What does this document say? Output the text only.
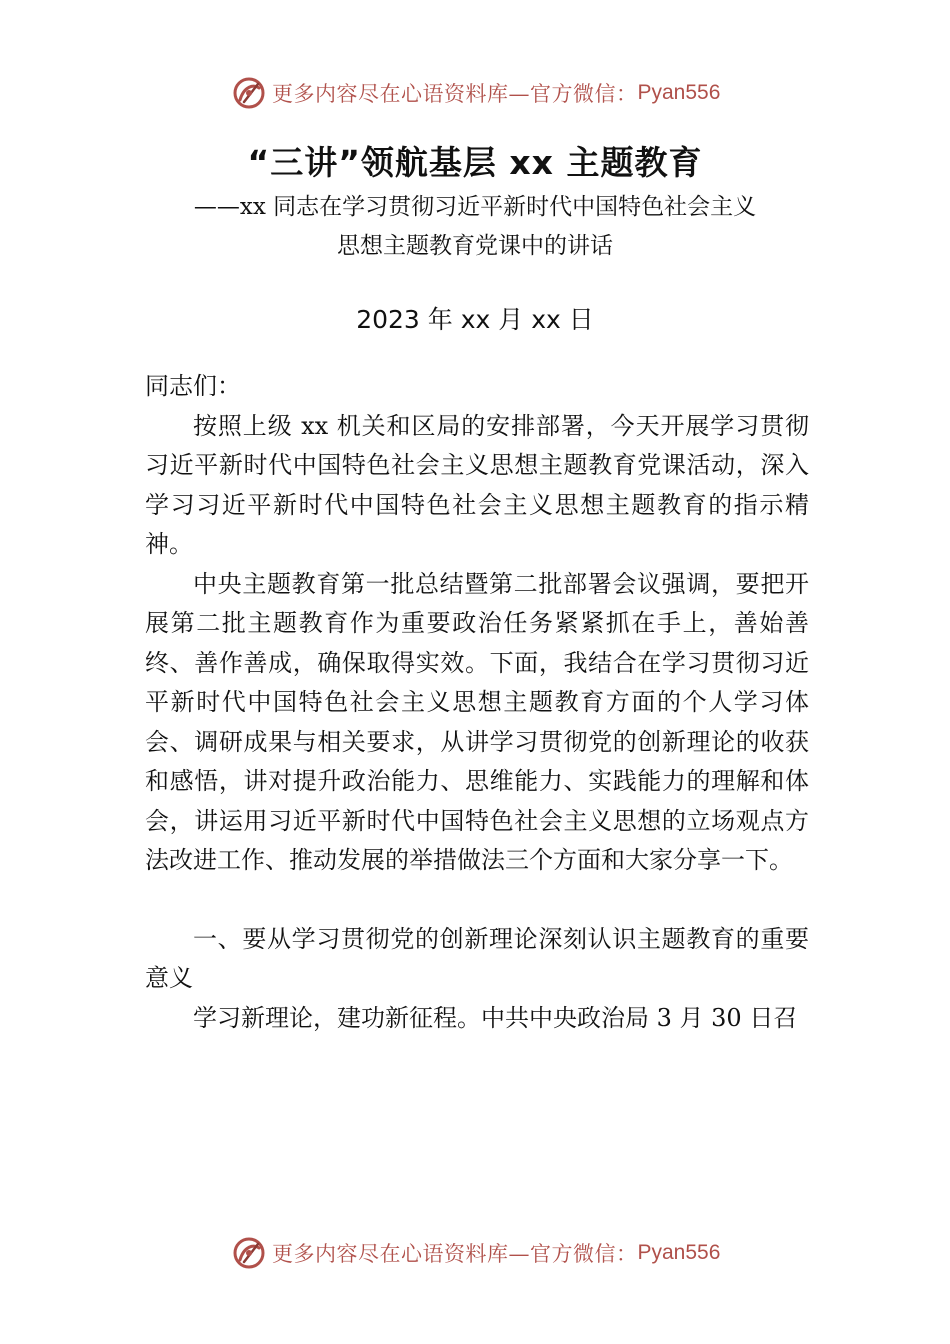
更多内容尽在心语资料库—官方微信： Pyan556
“三讲”领航基层 xx 主题教育
——xx 同志在学习贯彻习近平新时代中国特色社会主义
思想主题教育党课中的讲话
2023 年 xx 月 xx 日

同志们：

按照上级 xx 机关和区局的安排部署，今天开展学习贯彻习近平新时代中国特色社会主义思想主题教育党课活动，深入学习习近平新时代中国特色社会主义思想主题教育的指示精神。

中央主题教育第一批总结暨第二批部署会议强调，要把开展第二批主题教育作为重要政治任务紧紧抓在手上，善始善终、善作善成，确保取得实效。下面，我结合在学习贯彻习近平新时代中国特色社会主义思想主题教育方面的个人学习体会、调研成果与相关要求，从讲学习贯彻党的创新理论的收获和感悟，讲对提升政治能力、思维能力、实践能力的理解和体会，讲运用习近平新时代中国特色社会主义思想的立场观点方法改进工作、推动发展的举措做法三个方面和大家分享一下。

一、要从学习贯彻党的创新理论深刻认识主题教育的重要意义

学习新理论，建功新征程。中共中央政治局 3 月 30 日召

更多内容尽在心语资料库—官方微信： Pyan556
